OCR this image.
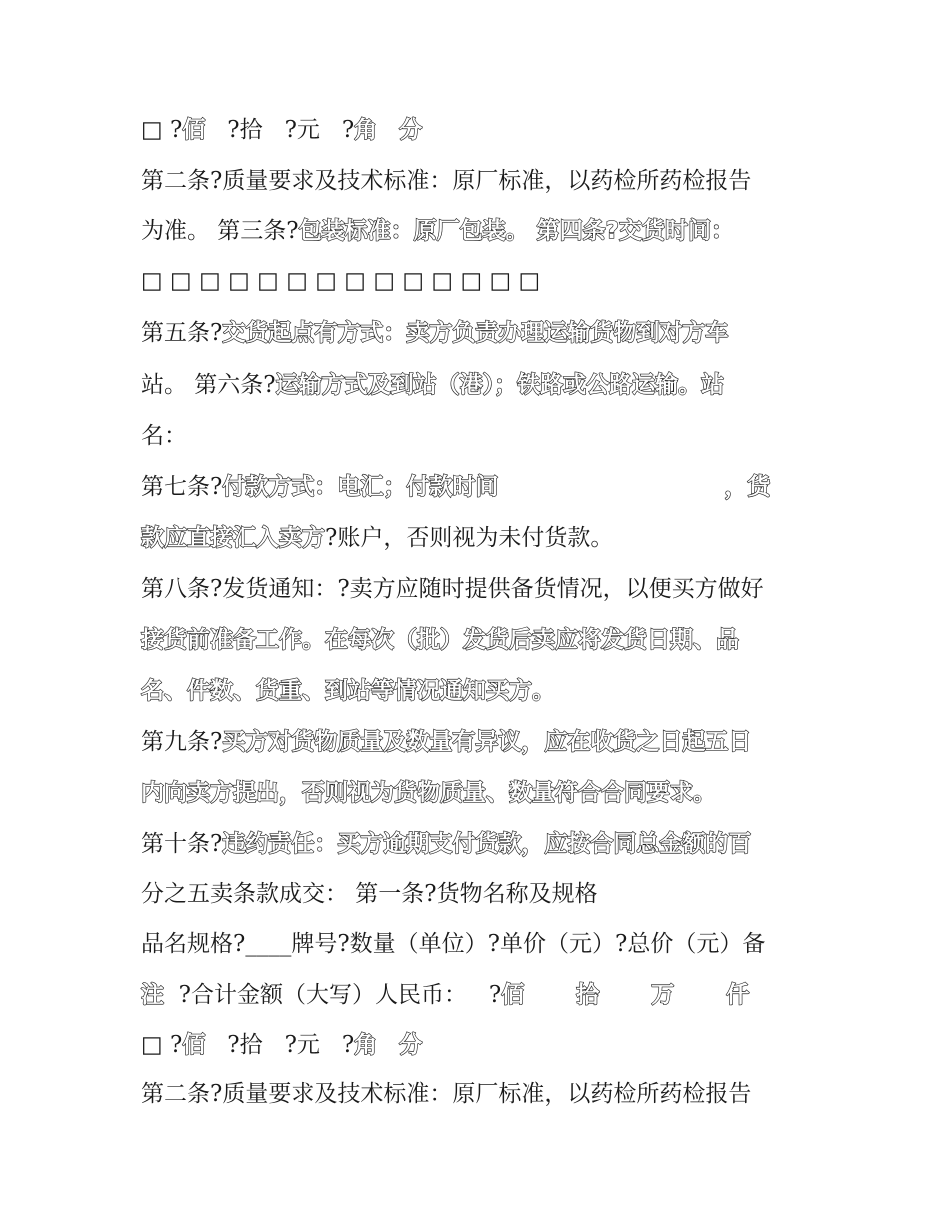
□ ?佰   ?拾   ?元   ?角 分
第二条?质量要求及技术标准：原厂标准，以药检所药检报告
为准。 第三条?包装标准：原厂包装。 第四条?交货时间：
□ □ □ □ □ □ □ □ □ □ □ □ □ □
第五条?交货起点有方式：卖方负责办理运输货物到对方车
站。 第六条?运输方式及到站（港）；铁路或公路运输。站
名：
第七条?付款方式：电汇；付款时间	，货
款应直接汇入卖方?账户，否则视为未付货款。
第八条?发货通知：?卖方应随时提供备货情况，以便买方做好
接货前准备工作。在每次（批）发货后卖应将发货日期、品
名、件数、货重、到站等情况通知买方。
第九条?买方对货物质量及数量有异议，应在收货之日起五日
内向卖方提出，否则视为货物质量、数量符合合同要求。
第十条?违约责任：买方逾期支付货款，应按合同总金额的百
分之五卖条款成交： 第一条?货物名称及规格
品名规格?____牌号?数量（单位）?单价（元）?总价（元）备
注  ?合计金额（大写）人民币：   ?佰 拾 万 仟
□ ?佰   ?拾   ?元   ?角 分
第二条?质量要求及技术标准：原厂标准，以药检所药检报告
